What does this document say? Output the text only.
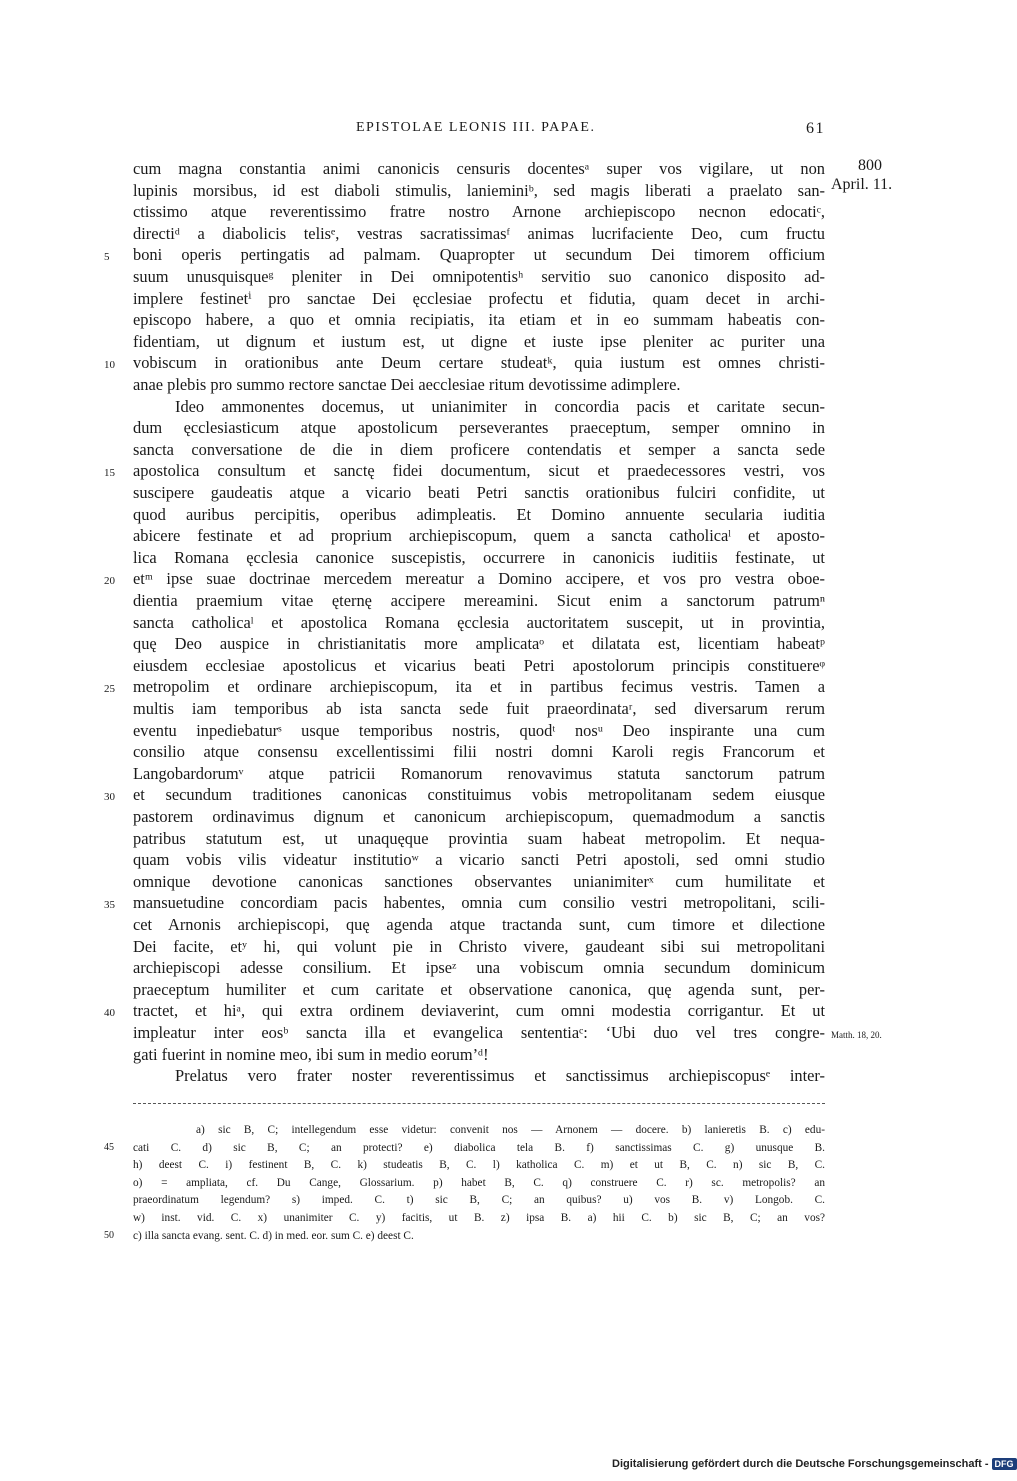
EPISTOLAE LEONIS III. PAPAE.	61
800
April. 11.
Matth. 18, 20.
cum magna constantia animi canonicis censuris docentesᵃ super vos vigilare, ut non
lupinis morsibus, id est diaboli stimulis, lanieminiᵇ, sed magis liberati a praelato san-
ctissimo atque reverentissimo fratre nostro Arnone archiepiscopo necnon edocatiᶜ,
directiᵈ a diabolicis telisᵉ, vestras sacratissimasᶠ animas lucrifaciente Deo, cum fructu
boni operis pertingatis ad palmam. Quapropter ut secundum Dei timorem officium
5
suum unusquisqueᵍ pleniter in Dei omnipotentisʰ servitio suo canonico disposito ad-
implere festinetⁱ pro sanctae Dei ęcclesiae profectu et fidutia, quam decet in archi-
episcopo habere, a quo et omnia recipiatis, ita etiam et in eo summam habeatis con-
fidentiam, ut dignum et iustum est, ut digne et iuste ipse pleniter ac puriter una
vobiscum in orationibus ante Deum certare studeatᵏ, quia iustum est omnes christi-
10
anae plebis pro summo rectore sanctae Dei aecclesiae ritum devotissime adimplere.
Ideo ammonentes docemus, ut unianimiter in concordia pacis et caritate secun-
dum ęcclesiasticum atque apostolicum perseverantes praeceptum, semper omnino in
sancta conversatione de die in diem proficere contendatis et semper a sancta sede
apostolica consultum et sanctę fidei documentum, sicut et praedecessores vestri, vos
15
suscipere gaudeatis atque a vicario beati Petri sanctis orationibus fulciri confidite, ut
quod auribus percipitis, operibus adimpleatis. Et Domino annuente secularia iuditia
abicere festinate et ad proprium archiepiscopum, quem a sancta catholicaˡ et aposto-
lica Romana ęcclesia canonice suscepistis, occurrere in canonicis iuditiis festinate, ut
etᵐ ipse suae doctrinae mercedem mereatur a Domino accipere, et vos pro vestra oboe-
20
dientia praemium vitae ęternę accipere mereamini. Sicut enim a sanctorum patrumⁿ
sancta catholicaˡ et apostolica Romana ęcclesia auctoritatem suscepit, ut in provintia,
quę Deo auspice in christianitatis more amplicataᵒ et dilatata est, licentiam habeatᵖ
eiusdem ecclesiae apostolicus et vicarius beati Petri apostolorum principis constituereᵠ
metropolim et ordinare archiepiscopum, ita et in partibus fecimus vestris. Tamen a
25
multis iam temporibus ab ista sancta sede fuit praeordinataʳ, sed diversarum rerum
eventu inpediebaturˢ usque temporibus nostris, quodᵗ nosᵘ Deo inspirante una cum
consilio atque consensu excellentissimi filii nostri domni Karoli regis Francorum et
Langobardorumᵛ atque patricii Romanorum renovavimus statuta sanctorum patrum
et secundum traditiones canonicas constituimus vobis metropolitanam sedem eiusque
30
pastorem ordinavimus dignum et canonicum archiepiscopum, quemadmodum a sanctis
patribus statutum est, ut unaquęque provintia suam habeat metropolim. Et nequa-
quam vobis vilis videatur institutioʷ a vicario sancti Petri apostoli, sed omni studio
omnique devotione canonicas sanctiones observantes unianimiterˣ cum humilitate et
mansuetudine concordiam pacis habentes, omnia cum consilio vestri metropolitani, scili-
35
cet Arnonis archiepiscopi, quę agenda atque tractanda sunt, cum timore et dilectione
Dei facite, etʸ hi, qui volunt pie in Christo vivere, gaudeant sibi sui metropolitani
archiepiscopi adesse consilium. Et ipseᶻ una vobiscum omnia secundum dominicum
praeceptum humiliter et cum caritate et observatione canonica, quę agenda sunt, per-
tractet, et hiᵃ, qui extra ordinem deviaverint, cum omni modestia corrigantur. Et ut
40
impleatur inter eosᵇ sancta illa et evangelica sententiaᶜ: ‘Ubi duo vel tres congre-
gati fuerint in nomine meo, ibi sum in medio eorum’ᵈ!
Prelatus vero frater noster reverentissimus et sanctissimus archiepiscopusᵉ inter-
a) sic B, C; intellegendum esse videtur: convenit nos — Arnonem — docere. b) lanieretis B. c) edu-
cati C. d) sic B, C; an protecti? e) diabolica tela B. f) sanctissimas C. g) unusque B.
45
h) deest C. i) festinent B, C. k) studeatis B, C. l) katholica C. m) et ut B, C. n) sic B, C.
o) = ampliata, cf. Du Cange, Glossarium. p) habet B, C. q) construere C. r) sc. metropolis? an
praeordinatum legendum? s) imped. C. t) sic B, C; an quibus? u) vos B. v) Longob. C.
w) inst. vid. C. x) unanimiter C. y) facitis, ut B. z) ipsa B. a) hii C. b) sic B, C; an vos?
c) illa sancta evang. sent. C. d) in med. eor. sum C. e) deest C.
50
Digitalisierung gefördert durch die Deutsche Forschungsgemeinschaft - DFG
